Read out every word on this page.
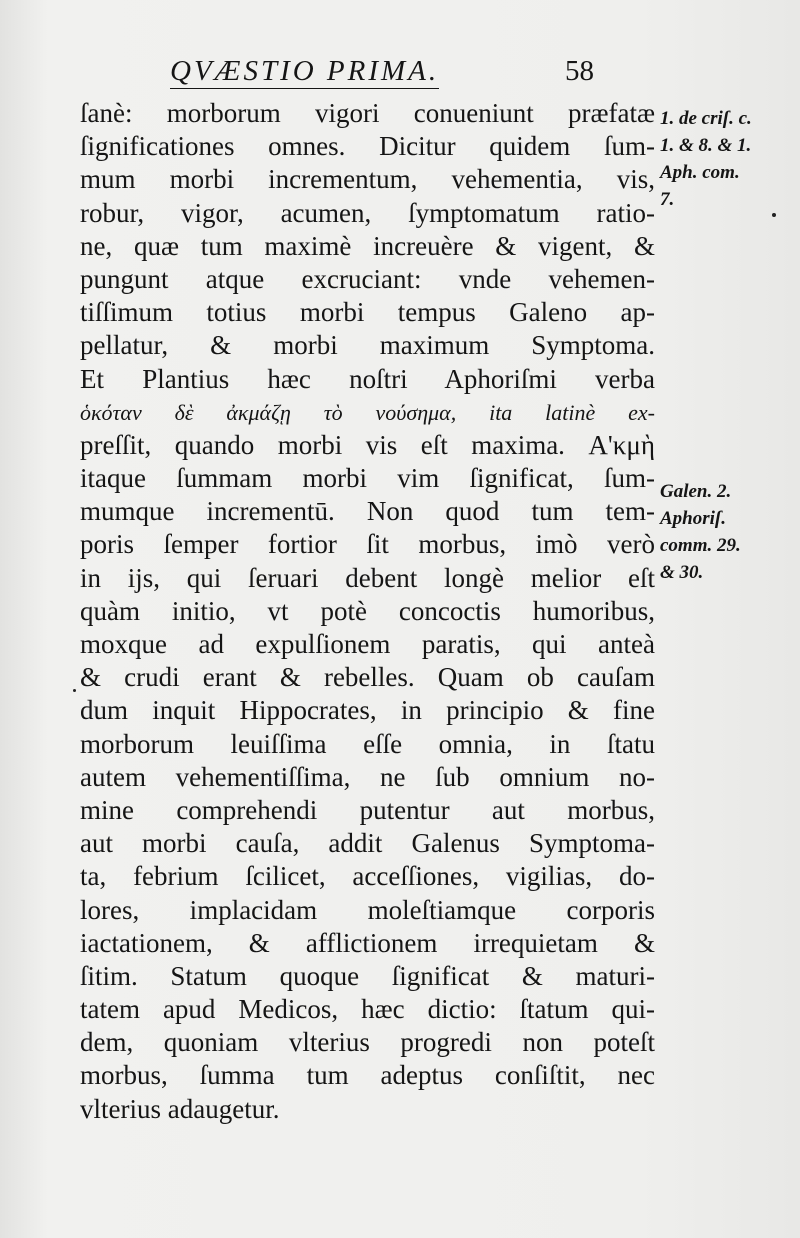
QVÆSTIO PRIMA.	58
ſanè: morborum vigori conueniunt præfatæ
ſignificationes omnes. Dicitur quidem ſum-
mum morbi incrementum, vehementia, vis,
robur, vigor, acumen, ſymptomatum ratio-
ne, quæ tum maximè increuère & vigent, &
pungunt atque excruciant: vnde vehemen-
tiſſimum totius morbi tempus Galeno ap-
pellatur, & morbi maximum Symptoma.
Et Plantius hæc noſtri Aphoriſmi verba
ὁκόταν δὲ ἀκμάζῃ τὸ νούσημα, ita latinè ex-
preſſit, quando morbi vis eſt maxima. Α'κμὴ
itaque ſummam morbi vim ſignificat, ſum-
mumque incrementū. Non quod tum tem-
poris ſemper fortior ſit morbus, imò verò
in ijs, qui ſeruari debent longè melior eſt
quàm initio, vt potè concoctis humoribus,
moxque ad expulſionem paratis, qui anteà
& crudi erant & rebelles. Quam ob cauſam
dum inquit Hippocrates, in principio & fine
morborum leuiſſima eſſe omnia, in ſtatu
autem vehementiſſima, ne ſub omnium no-
mine comprehendi putentur aut morbus,
aut morbi cauſa, addit Galenus Symptoma-
ta, febrium ſcilicet, acceſſiones, vigilias, do-
lores, implacidam moleſtiamque corporis
iactationem, & afflictionem irrequietam &
ſitim. Statum quoque ſignificat & maturi-
tatem apud Medicos, hæc dictio: ſtatum qui-
dem, quoniam vlterius progredi non poteſt
morbus, ſumma tum adeptus conſiſtit, nec
vlterius adaugetur.
1. de criſ. c.
1. & 8. & 1.
Aph. com.
7.
Galen. 2.
Aphoriſ.
comm. 29.
& 30.
